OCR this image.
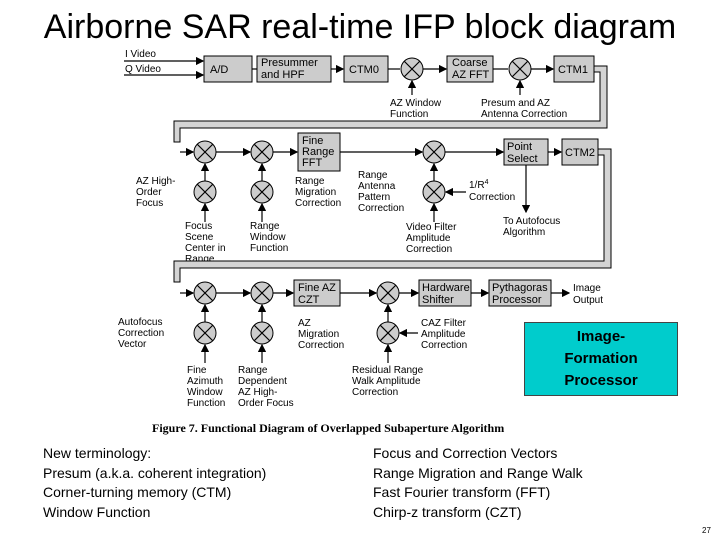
Airborne SAR real-time IFP block diagram
I Video
Q Video	A/D
Presummer
and HPF	CTM0
Coarse
AZ FFT	CTM1
AZ Window
Function
Presum and AZ
Antenna Correction
Fine
Range
FFT
Point
Select CTM2
AZ High-
Order
Focus
Range
Migration
Correction
Range
Antenna
Pattern
Correction
$1/R^4$
Correction
Focus
Scene
Center in
Range
Range
Window
Function
Video Filter
Amplitude
Correction
To Autofocus
Algorithm
Fine AZ
CZT
Hardware
Shifter
Pythagoras
Processor
Image
Output
Autofocus
Correction
Vector
AZ
Migration
Correction
CAZ Filter
Amplitude
Correction
Fine
Azimuth
Window
Function
Range
Dependent
AZ High-
Order Focus
Residual Range
Walk Amplitude
Correction
Figure 7. Functional Diagram of Overlapped Subaperture Algorithm
Image-
Formation
Processor
New terminology:
Presum (a.k.a. coherent integration)
Corner-turning memory (CTM)
Window Function
Focus and Correction Vectors
Range Migration and Range Walk
Fast Fourier transform (FFT)
Chirp-z transform (CZT)
27
